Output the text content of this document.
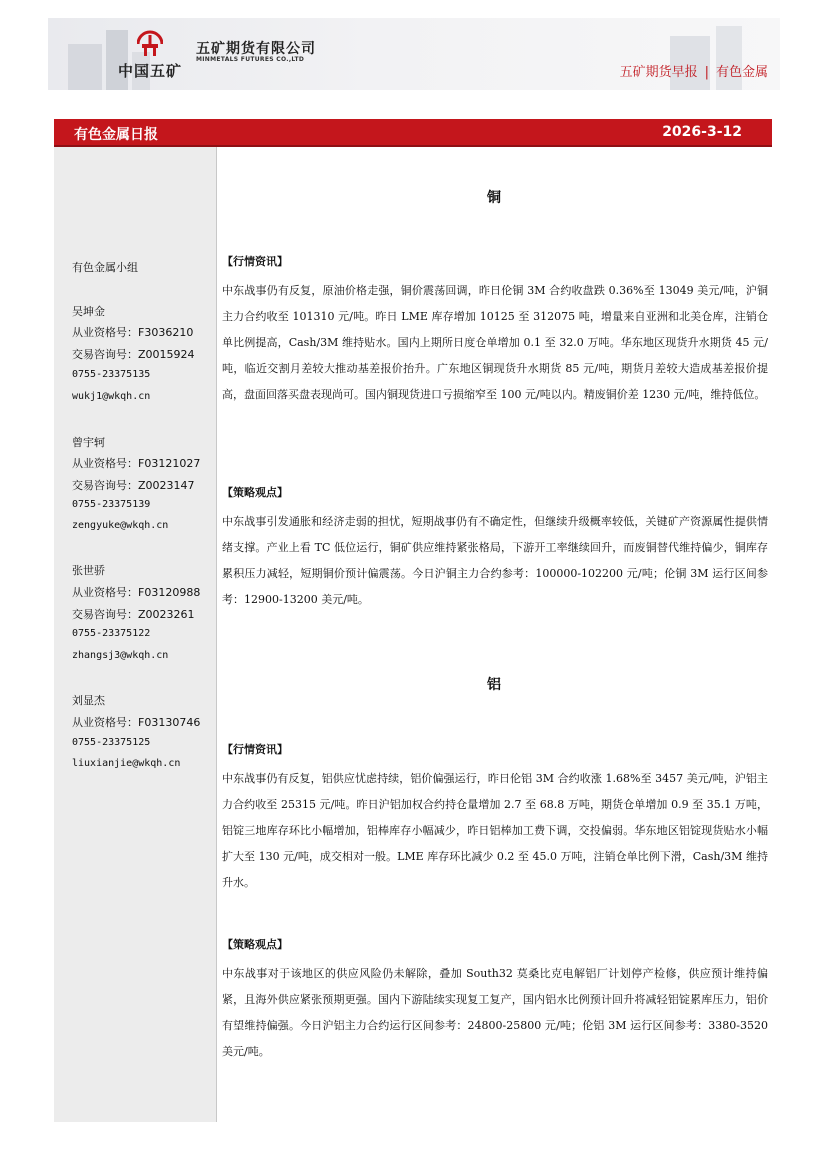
中国五矿
五矿期货有限公司
MINMETALS FUTURES CO.,LTD
五矿期货早报 | 有色金属
有色金属日报	2026-3-12
有色金属小组
吴坤金
从业资格号：F3036210
交易咨询号：Z0015924
0755-23375135
wukj1@wkqh.cn
曾宇轲
从业资格号：F03121027
交易咨询号：Z0023147
0755-23375139
zengyuke@wkqh.cn
张世骄
从业资格号：F03120988
交易咨询号：Z0023261
0755-23375122
zhangsj3@wkqh.cn
刘显杰
从业资格号：F03130746
0755-23375125
liuxianjie@wkqh.cn
铜
【行情资讯】

中东战事仍有反复，原油价格走强，铜价震荡回调，昨日伦铜 3M 合约收盘跌 0.36%至 13049 美元/吨，沪铜主力合约收至 101310 元/吨。昨日 LME 库存增加 10125 至 312075 吨，增量来自亚洲和北美仓库，注销仓单比例提高，Cash/3M 维持贴水。国内上期所日度仓单增加 0.1 至 32.0 万吨。华东地区现货升水期货 45 元/吨，临近交割月差较大推动基差报价抬升。广东地区铜现货升水期货 85 元/吨，期货月差较大造成基差报价提高，盘面回落买盘表现尚可。国内铜现货进口亏损缩窄至 100 元/吨以内。精废铜价差 1230 元/吨，维持低位。

【策略观点】

中东战事引发通胀和经济走弱的担忧，短期战事仍有不确定性，但继续升级概率较低，关键矿产资源属性提供情绪支撑。产业上看 TC 低位运行，铜矿供应维持紧张格局，下游开工率继续回升，而废铜替代维持偏少，铜库存累积压力减轻，短期铜价预计偏震荡。今日沪铜主力合约参考：100000-102200 元/吨；伦铜 3M 运行区间参考：12900-13200 美元/吨。

铝
【行情资讯】

中东战事仍有反复，铝供应忧虑持续，铝价偏强运行，昨日伦铝 3M 合约收涨 1.68%至 3457 美元/吨，沪铝主力合约收至 25315 元/吨。昨日沪铝加权合约持仓量增加 2.7 至 68.8 万吨，期货仓单增加 0.9 至 35.1 万吨，铝锭三地库存环比小幅增加，铝棒库存小幅减少，昨日铝棒加工费下调，交投偏弱。华东地区铝锭现货贴水小幅扩大至 130 元/吨，成交相对一般。LME 库存环比减少 0.2 至 45.0 万吨，注销仓单比例下滑，Cash/3M 维持升水。

【策略观点】

中东战事对于该地区的供应风险仍未解除，叠加 South32 莫桑比克电解铝厂计划停产检修，供应预计维持偏紧，且海外供应紧张预期更强。国内下游陆续实现复工复产，国内铝水比例预计回升将减轻铝锭累库压力，铝价有望维持偏强。今日沪铝主力合约运行区间参考：24800-25800 元/吨；伦铝 3M 运行区间参考：3380-3520 美元/吨。
